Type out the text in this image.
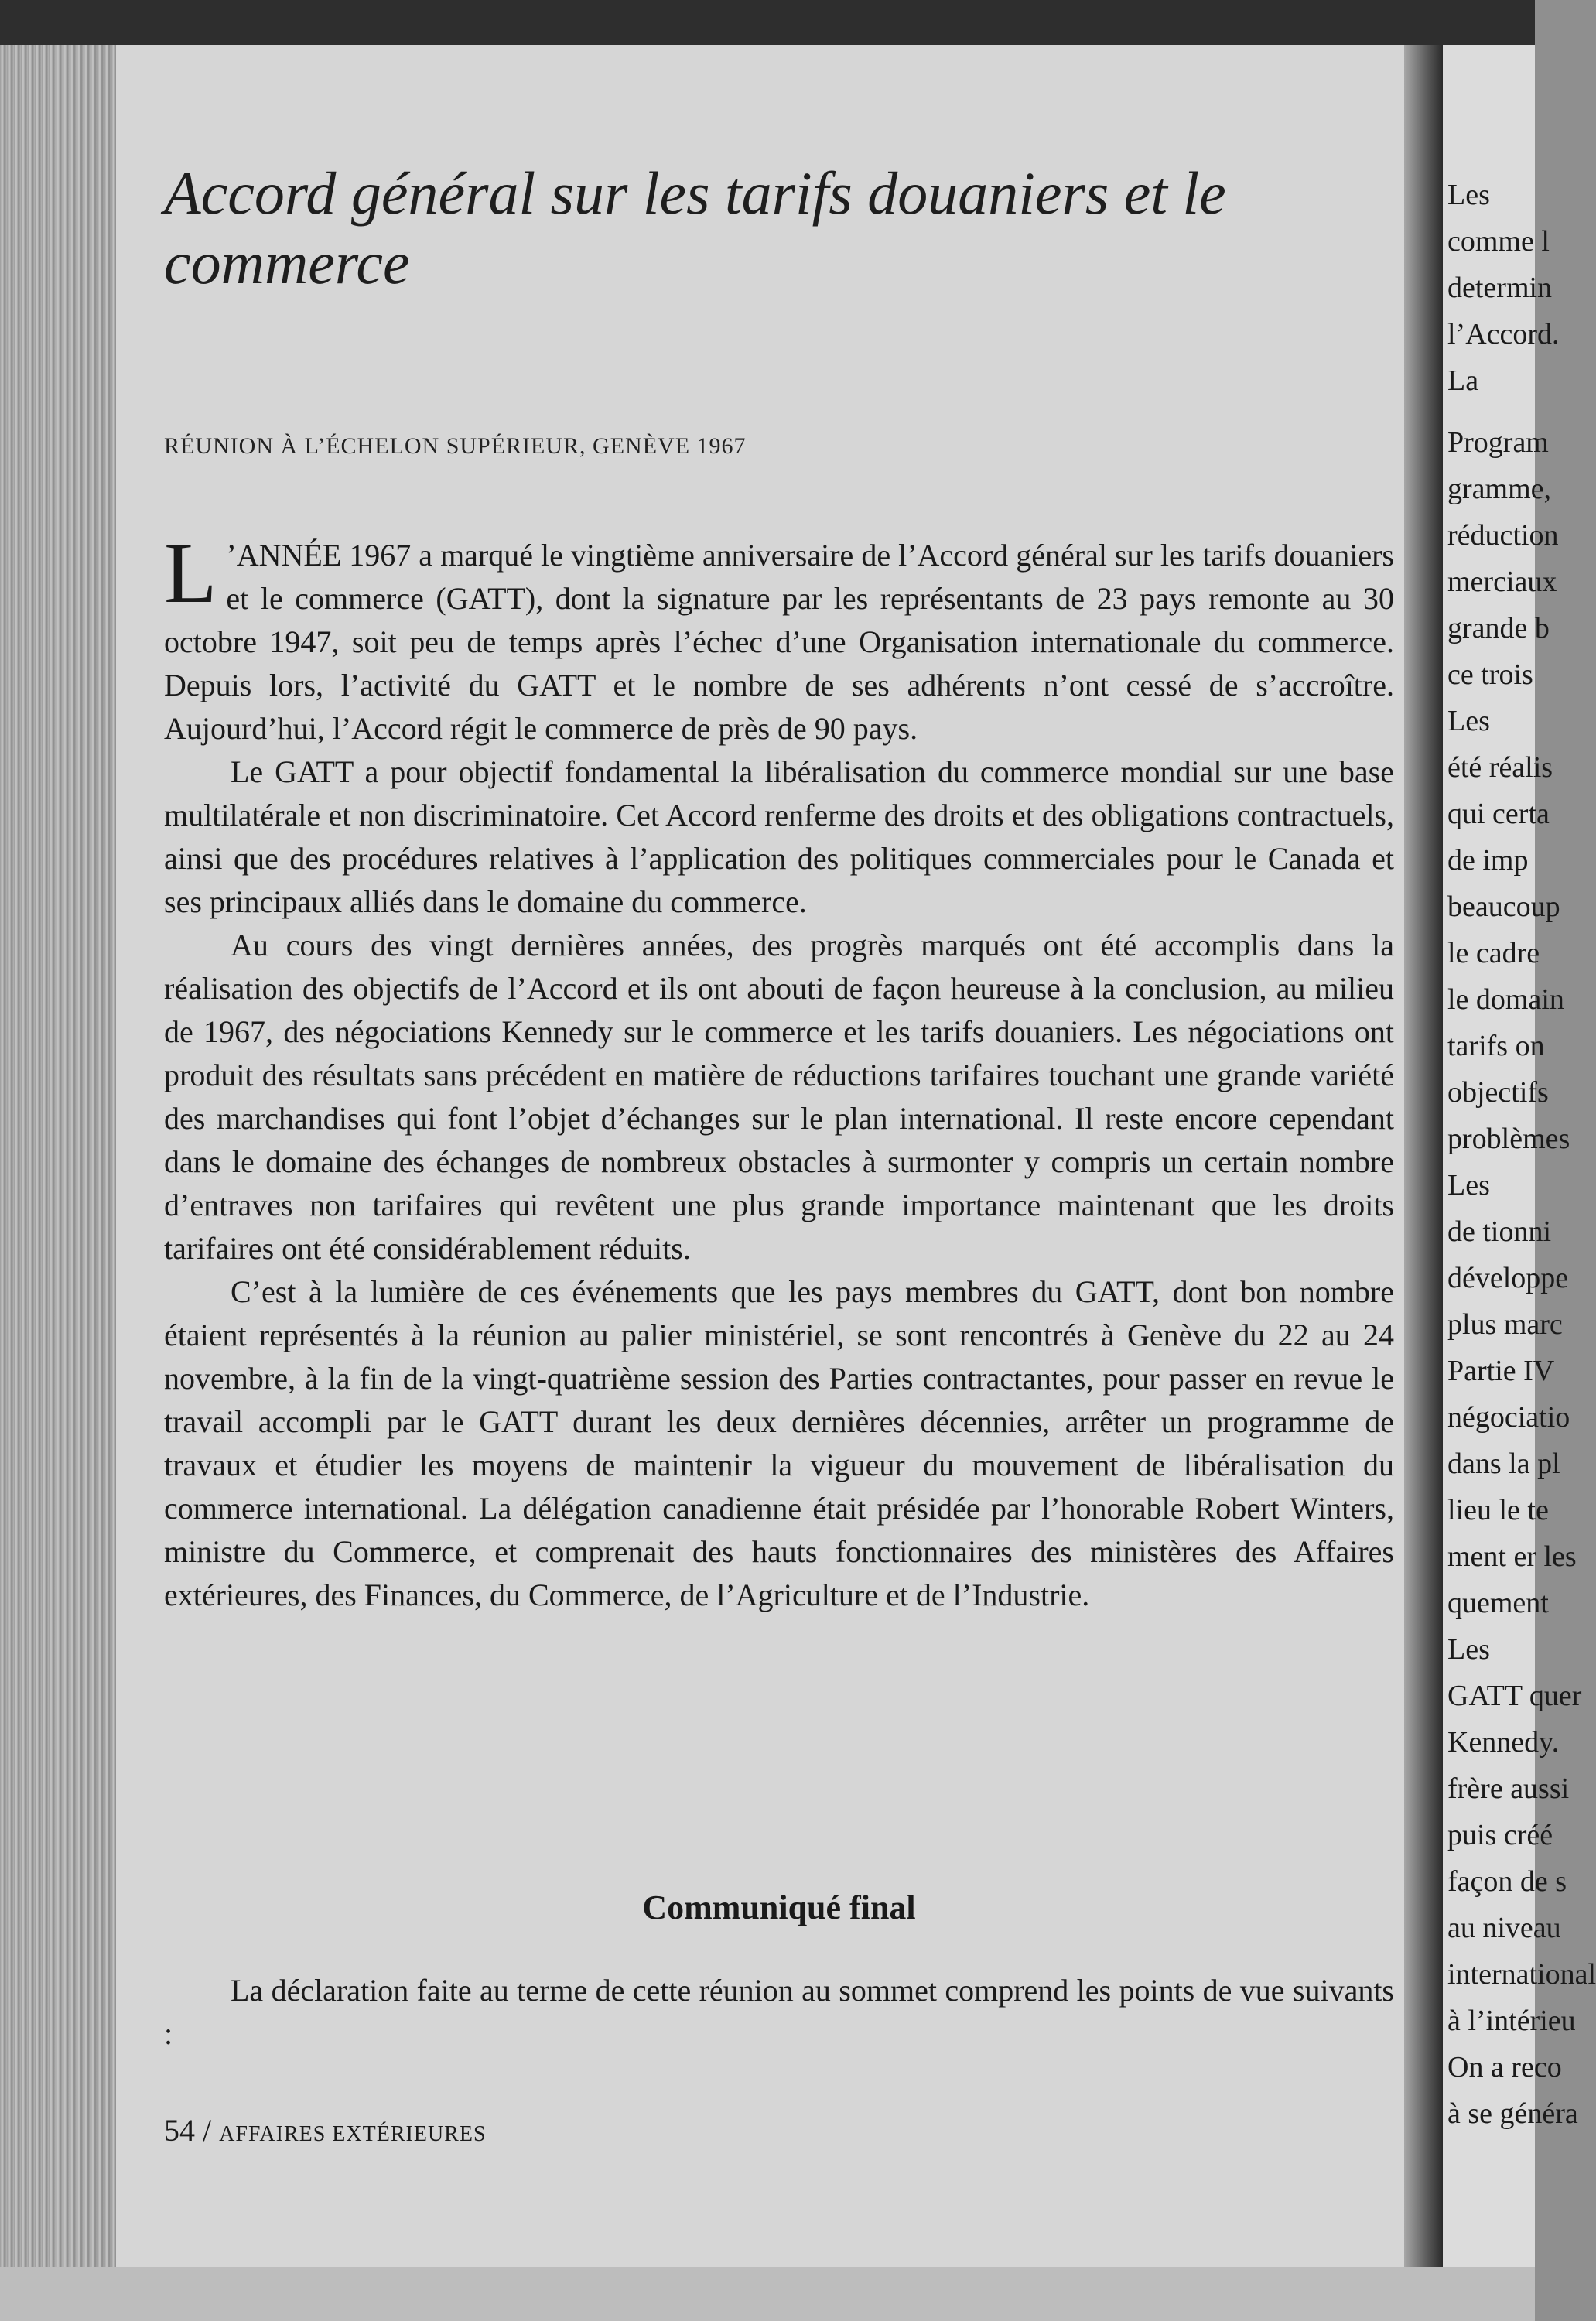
Accord général sur les tarifs douaniers et le commerce

RÉUNION À L’ÉCHELON SUPÉRIEUR, GENÈVE 1967

L ’ANNÉE 1967 a marqué le vingtième anniversaire de l’Accord général sur les tarifs douaniers et le commerce (GATT), dont la signature par les représentants de 23 pays remonte au 30 octobre 1947, soit peu de temps après l’échec d’une Organisation internationale du commerce. Depuis lors, l’activité du GATT et le nombre de ses adhérents n’ont cessé de s’accroître. Aujourd’hui, l’Accord régit le commerce de près de 90 pays.

Le GATT a pour objectif fondamental la libéralisation du commerce mondial sur une base multilatérale et non discriminatoire. Cet Accord renferme des droits et des obligations contractuels, ainsi que des procédures relatives à l’application des politiques commerciales pour le Canada et ses principaux alliés dans le domaine du commerce.

Au cours des vingt dernières années, des progrès marqués ont été accomplis dans la réalisation des objectifs de l’Accord et ils ont abouti de façon heureuse à la conclusion, au milieu de 1967, des négociations Kennedy sur le commerce et les tarifs douaniers. Les négociations ont produit des résultats sans précédent en matière de réductions tarifaires touchant une grande variété des marchandises qui font l’objet d’échanges sur le plan international. Il reste encore cependant dans le domaine des échanges de nombreux obstacles à surmonter y compris un certain nombre d’entraves non tarifaires qui revêtent une plus grande importance maintenant que les droits tarifaires ont été considérablement réduits.

C’est à la lumière de ces événements que les pays membres du GATT, dont bon nombre étaient représentés à la réunion au palier ministériel, se sont rencontrés à Genève du 22 au 24 novembre, à la fin de la vingt-quatrième session des Parties contractantes, pour passer en revue le travail accompli par le GATT durant les deux dernières décennies, arrêter un programme de travaux et étudier les moyens de maintenir la vigueur du mouvement de libéralisation du commerce international. La délégation canadienne était présidée par l’honorable Robert Winters, ministre du Commerce, et comprenait des hauts fonctionnaires des ministères des Affaires extérieures, des Finances, du Commerce, de l’Agriculture et de l’Industrie.

Communiqué final

La déclaration faite au terme de cette réunion au sommet comprend les points de vue suivants :

54 / AFFAIRES EXTÉRIEURES

Les
comme l
determin
l’Accord.
La
Program
gramme,
réduction
merciaux
grande b
ce trois
Les
été réalis
qui certa
de imp
beaucoup
le cadre
le domain
tarifs on
objectifs
problèmes
Les
de tionni
développe
plus marc
Partie IV
négociatio
dans la pl
lieu le te
ment er les
quement
Les
GATT quer
Kennedy.
frère aussi
puis créé
façon de s
au niveau
international
à l’intérieu
On a reco
à se généra
